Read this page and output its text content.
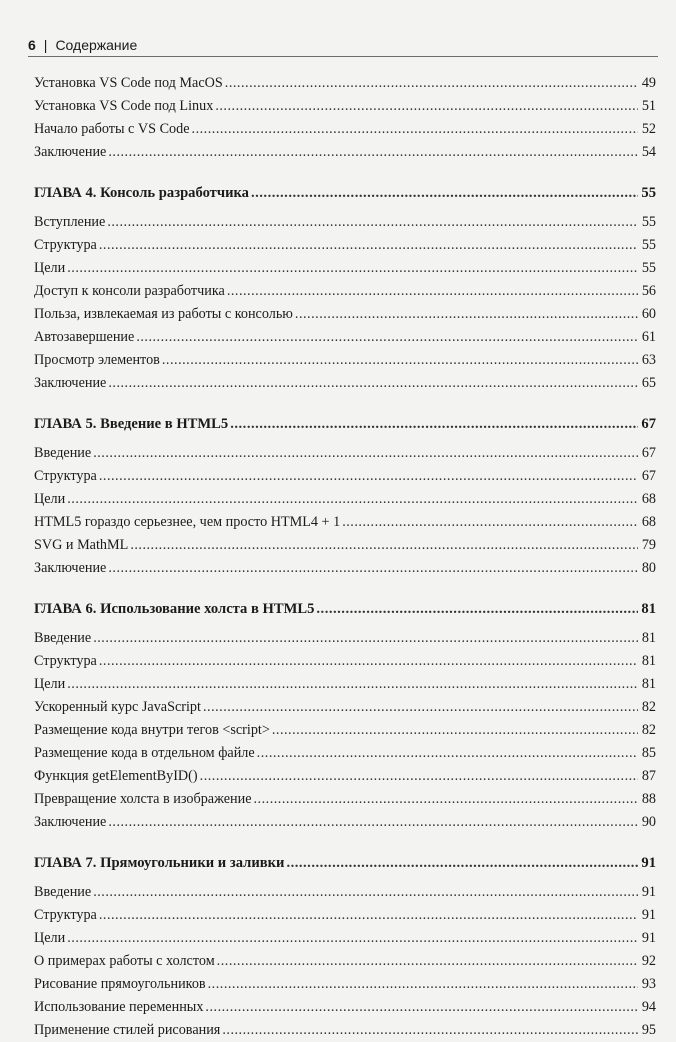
6 | Содержание
Установка VS Code под MacOS .....	49
Установка VS Code под Linux .....	51
Начало работы с VS Code .....	52
Заключение .....	54
ГЛАВА 4. Консоль разработчика .....	55
Вступление .....	55
Структура .....	55
Цели .....	55
Доступ к консоли разработчика .....	56
Польза, извлекаемая из работы с консолью .....	60
Автозавершение .....	61
Просмотр элементов .....	63
Заключение .....	65
ГЛАВА 5. Введение в HTML5 .....	67
Введение .....	67
Структура .....	67
Цели .....	68
HTML5 гораздо серьезнее, чем просто HTML4 + 1 .....	68
SVG и MathML .....	79
Заключение .....	80
ГЛАВА 6. Использование холста в HTML5 .....	81
Введение .....	81
Структура .....	81
Цели .....	81
Ускоренный курс JavaScript .....	82
Размещение кода внутри тегов <script> .....	82
Размещение кода в отдельном файле .....	85
Функция getElementByID() .....	87
Превращение холста в изображение .....	88
Заключение .....	90
ГЛАВА 7. Прямоугольники и заливки .....	91
Введение .....	91
Структура .....	91
Цели .....	91
О примерах работы с холстом .....	92
Рисование прямоугольников .....	93
Использование переменных .....	94
Применение стилей рисования .....	95
